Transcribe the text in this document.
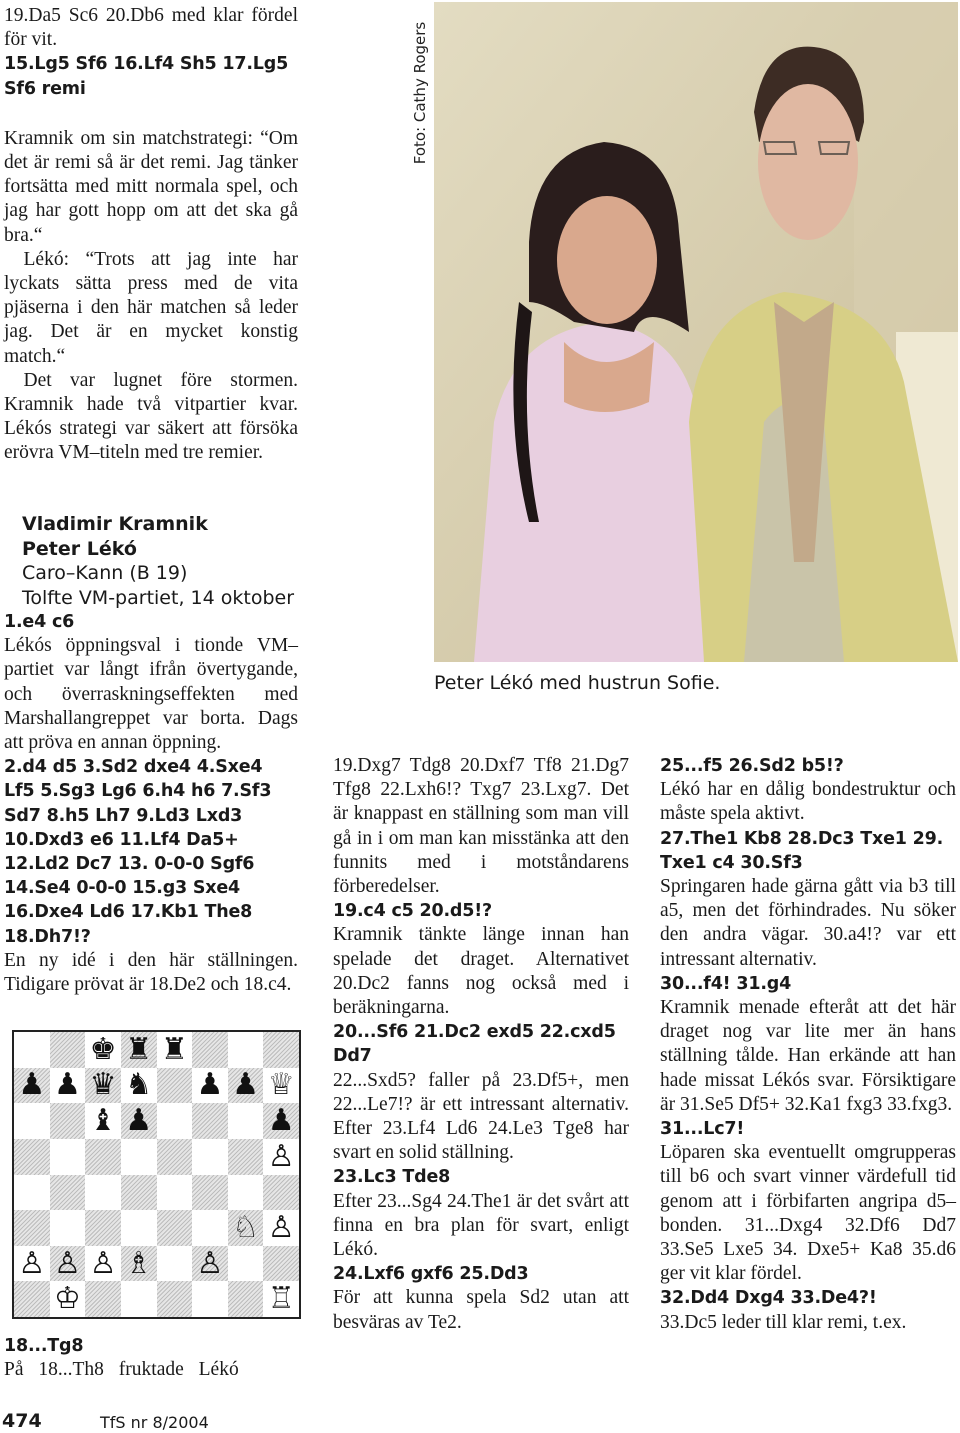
19.Da5 Sc6 20.Db6 med klar fördel för vit.

15.Lg5 Sf6 16.Lf4 Sh5 17.Lg5 Sf6 remi

Kramnik om sin matchstrategi: “Om det är remi så är det remi. Jag tänker fortsätta med mitt normala spel, och jag har gott hopp om att det ska gå bra.“

Lékó: “Trots att jag inte har lyckats sätta press med de vita pjäserna i den här matchen så leder jag. Det är en mycket konstig match.“

Det var lugnet före stormen. Kramnik hade två vitpartier kvar. Lékós strategi var säkert att försöka erövra VM–titeln med tre remier.

Vladimir Kramnik

Peter Lékó

Caro–Kann (B 19)

Tolfte VM-partiet, 14 oktober

1.e4 c6

Lékós öppningsval i tionde VM–partiet var långt ifrån övertygande, och överraskningseffekten med Marshallangreppet var borta. Dags att pröva en annan öppning.

2.d4 d5 3.Sd2 dxe4 4.Sxe4 Lf5 5.Sg3 Lg6 6.h4 h6 7.Sf3 Sd7 8.h5 Lh7 9.Ld3 Lxd3 10.Dxd3 e6 11.Lf4 Da5+ 12.Ld2 Dc7 13. 0-0-0 Sgf6 14.Se4 0-0-0 15.g3 Sxe4 16.Dxe4 Ld6 17.Kb1 The8 18.Dh7!?

En ny idé i den här ställningen. Tidigare prövat är 18.De2 och 18.c4.

♚ ♜ ♜
♟ ♟ ♛ ♞ ♟ ♟ ♕
♝ ♟	♟
♙
♘ ♙
♙ ♙ ♙ ♗ ♙
♔	♖

18...Tg8

På 18...Th8 fruktade Lékó

Foto: Cathy Rogers
Peter Lékó med hustrun Sofie.

19.Dxg7 Tdg8 20.Dxf7 Tf8 21.Dg7 Tfg8 22.Lxh6!? Txg7 23.Lxg7. Det är knappast en ställning som man vill gå in i om man kan misstänka att den funnits med i motståndarens förberedelser.

19.c4 c5 20.d5!?

Kramnik tänkte länge innan han spelade det draget. Alternativet 20.Dc2 fanns nog också med i beräkningarna.

20...Sf6 21.Dc2 exd5 22.cxd5 Dd7

22...Sxd5? faller på 23.Df5+, men 22...Le7!? är ett intressant alternativ. Efter 23.Lf4 Ld6 24.Le3 Tge8 har svart en solid ställning.

23.Lc3 Tde8

Efter 23...Sg4 24.The1 är det svårt att finna en bra plan för svart, enligt Lékó.

24.Lxf6 gxf6 25.Dd3

För att kunna spela Sd2 utan att besväras av Te2.

25...f5 26.Sd2 b5!?

Lékó har en dålig bondestruktur och måste spela aktivt.

27.The1 Kb8 28.Dc3 Txe1 29. Txe1 c4 30.Sf3

Springaren hade gärna gått via b3 till a5, men det förhindrades. Nu söker den andra vägar. 30.a4!? var ett intressant alternativ.

30...f4! 31.g4

Kramnik menade efteråt att det här draget nog var lite mer än hans ställning tålde. Han erkände att han hade missat Lékós svar. Försiktigare är 31.Se5 Df5+ 32.Ka1 fxg3 33.fxg3.

31...Lc7!

Löparen ska eventuellt omgrupperas till b6 och svart vinner värdefull tid genom att i förbifarten angripa d5–bonden. 31...Dxg4 32.Df6 Dd7 33.Se5 Lxe5 34. Dxe5+ Ka8 35.d6 ger vit klar fördel.

32.Dd4 Dxg4 33.De4?!

33.Dc5 leder till klar remi, t.ex.

474	TfS nr 8/2004
